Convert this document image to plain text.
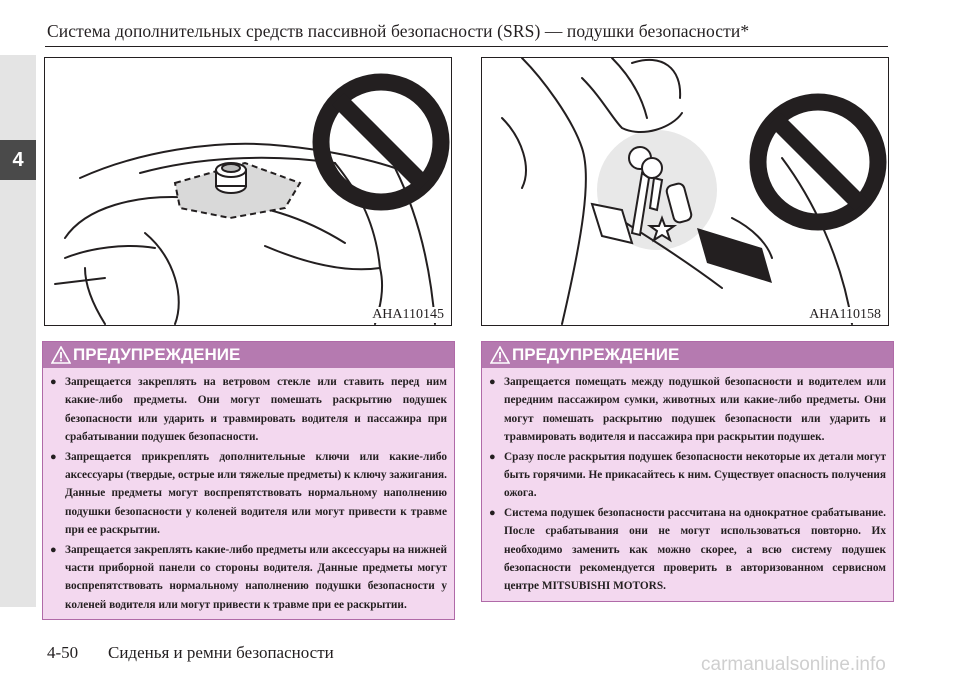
4
Система дополнительных средств пассивной безопасности (SRS) — подушки безопасности*
AHA110145	AHA110158
ПРЕДУПРЕЖДЕНИЕ
● Запрещается закреплять на ветровом стекле или ставить перед ним какие-либо предметы. Они могут помешать раскрытию подушек безопасности или ударить и травмировать водителя и пассажира при срабатывании подушек безопасности.
● Запрещается прикреплять дополнительные ключи или какие-либо аксессуары (твердые, острые или тяжелые предметы) к ключу зажигания. Данные предметы могут воспрепятствовать нормальному наполнению подушки безопасности у коленей водителя или могут привести к травме при ее раскрытии.
● Запрещается закреплять какие-либо предметы или аксессуары на нижней части приборной панели со стороны водителя. Данные предметы могут воспрепятствовать нормальному наполнению подушки безопасности у коленей водителя или могут привести к травме при ее раскрытии.
ПРЕДУПРЕЖДЕНИЕ
● Запрещается помещать между подушкой безопасности и водителем или передним пассажиром сумки, животных или какие-либо предметы. Они могут помешать раскрытию подушек безопасности или ударить и травмировать водителя и пассажира при раскрытии подушек.
● Сразу после раскрытия подушек безопасности некоторые их детали могут быть горячими. Не прикасайтесь к ним. Существует опасность получения ожога.
● Система подушек безопасности рассчитана на однократное срабатывание. После срабатывания они не могут использоваться повторно. Их необходимо заменить как можно скорее, а всю систему подушек безопасности рекомендуется проверить в авторизованном сервисном центре MITSUBISHI MOTORS.
4-50 Сиденья и ремни безопасности
carmanualsonline.info
